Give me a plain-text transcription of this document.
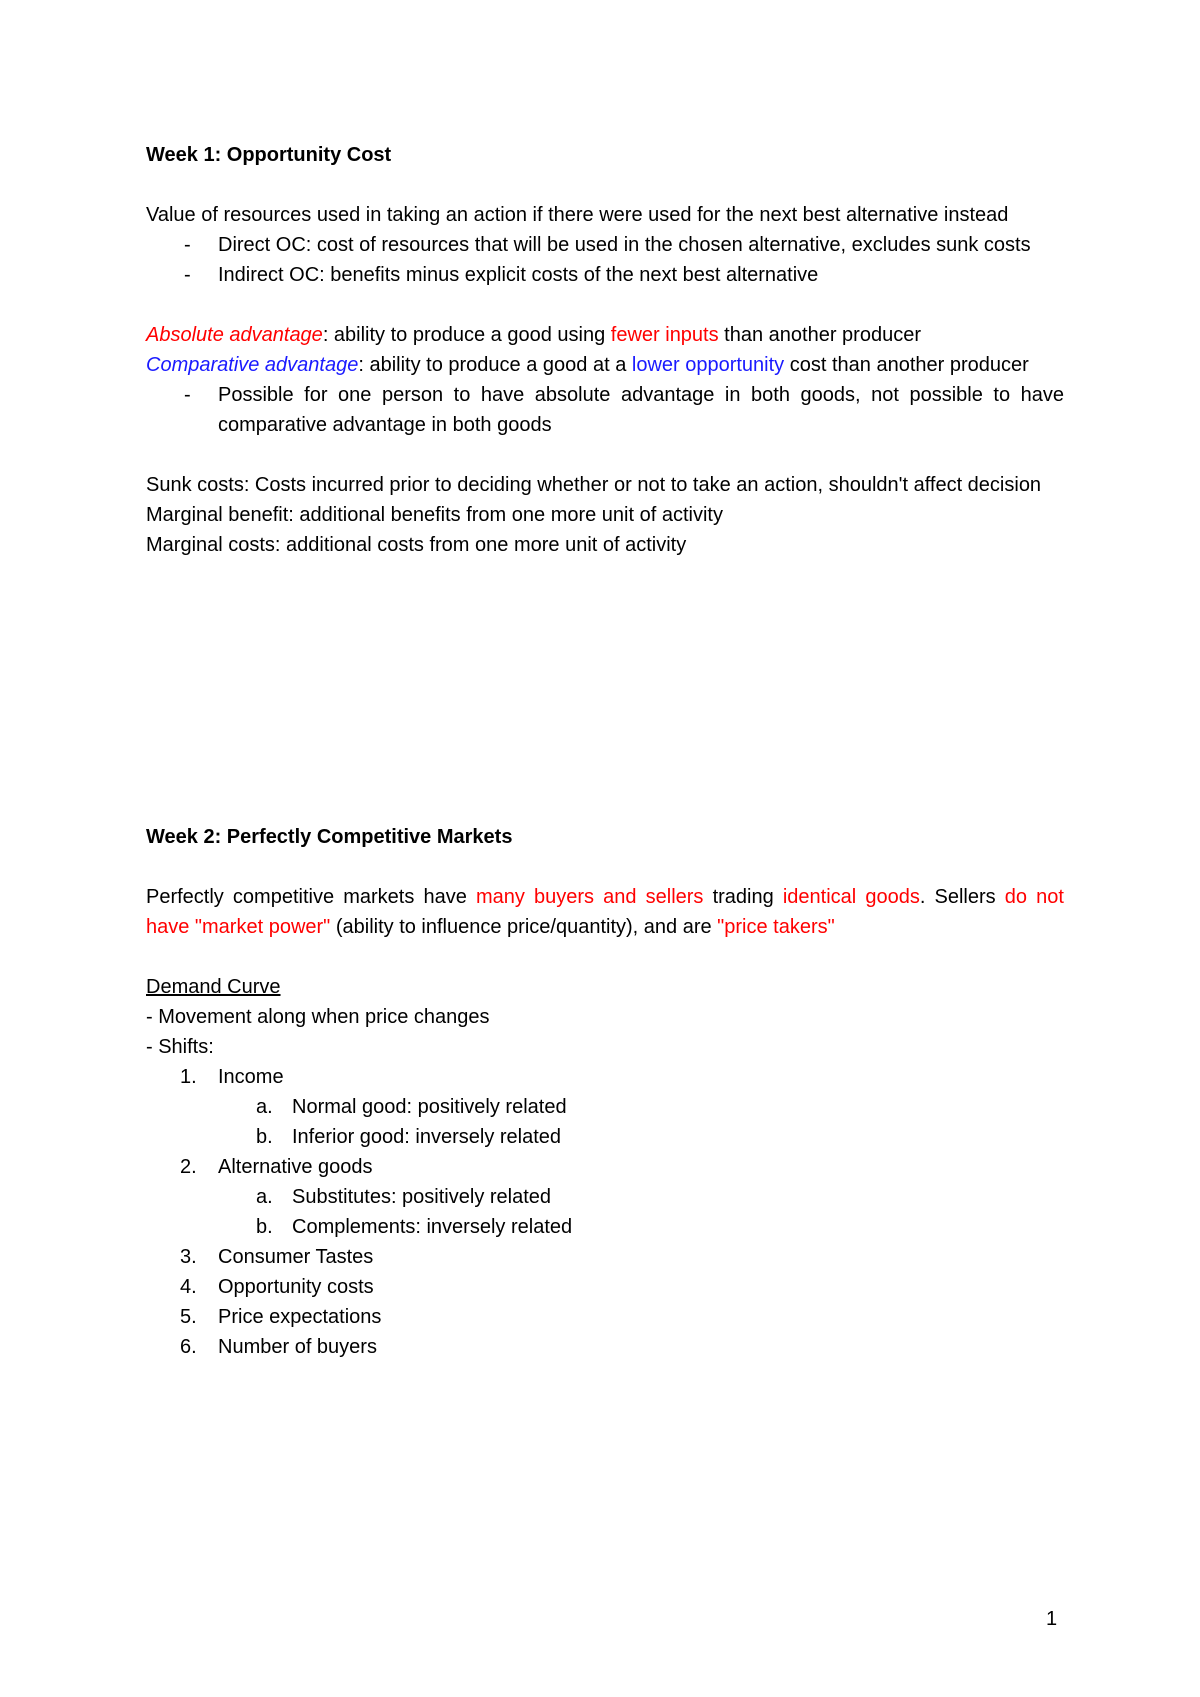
Week 1: Opportunity Cost

Value of resources used in taking an action if there were used for the next best alternative instead

- Direct OC: cost of resources that will be used in the chosen alternative, excludes sunk costs
- Indirect OC: benefits minus explicit costs of the next best alternative

Absolute advantage: ability to produce a good using fewer inputs than another producer

Comparative advantage: ability to produce a good at a lower opportunity cost than another producer

- Possible for one person to have absolute advantage in both goods, not possible to have comparative advantage in both goods

Sunk costs: Costs incurred prior to deciding whether or not to take an action, shouldn't affect decision

Marginal benefit: additional benefits from one more unit of activity

Marginal costs: additional costs from one more unit of activity

Week 2: Perfectly Competitive Markets

Perfectly competitive markets have many buyers and sellers trading identical goods. Sellers do not have "market power" (ability to influence price/quantity), and are "price takers"

Demand Curve

- Movement along when price changes

- Shifts:

1. Income
a. Normal good: positively related
b. Inferior good: inversely related
2. Alternative goods
a. Substitutes: positively related
b. Complements: inversely related
3. Consumer Tastes
4. Opportunity costs
5. Price expectations
6. Number of buyers
1
